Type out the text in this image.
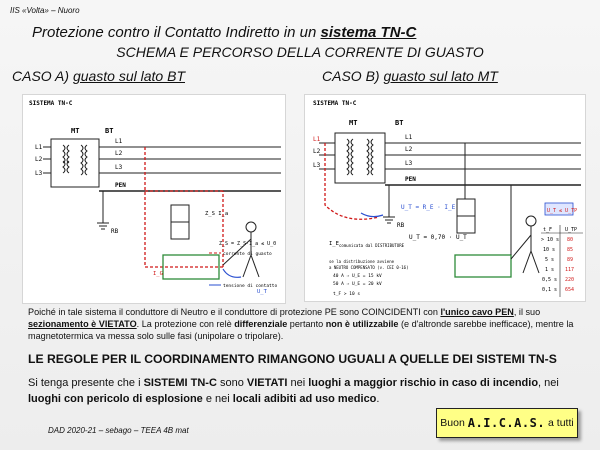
IIS «Volta» – Nuoro
Protezione contro il Contatto Indiretto in un sistema TN-C
SCHEMA E PERCORSO DELLA CORRENTE DI GUASTO
CASO A) guasto sul lato BT	CASO B) guasto sul lato MT
SISTEMA TN-C
MT	BT
L1
L2
L3
L1
L2
L3
PEN
RB
Z_S I_a
Z_S = Z_S·I_a ≤ U_0
U_T
I_G
corrente di guasto
tensione di contatto
SISTEMA TN-C
MT	BT
L1
L2
L3
L1
L2
L3
PEN
RB
U_T = R_E · I_E
U_T = 0,70 · U_T
I_E comunicata dal DISTRIBUTORE
se la distribuzione avviene
a NEUTRO COMPENSATO (v. CEI 0-16)
40 A ⇒ U_E = 15 kV
50 A ⇒ U_E = 20 kV
t_F > 10 s
U_T ≤ U_TP
t_F	U_TP
> 10 s 80
10 s 85
5 s	89
1 s 117
0,5 s 220
0,1 s 654
Poiché in tale sistema il conduttore di Neutro e il conduttore di protezione PE sono COINCIDENTI con l'unico cavo PEN, il suo sezionamento è VIETATO. La protezione con relè differenziale pertanto non è utilizzabile (e d'altronde sarebbe inefficace), mentre la magnetotermica va messa solo sulle fasi (unipolare o tripolare).
LE REGOLE PER IL COORDINAMENTO RIMANGONO UGUALI A QUELLE DEI SISTEMI TN-S
Si tenga presente che i SISTEMI TN-C sono VIETATI nei luoghi a maggior rischio in caso di incendio, nei luoghi con pericolo di esplosione e nei locali adibiti ad uso medico.
DAD 2020-21 – sebago – TEEA 4B mat
Buon A.I.C.A.S. a tutti
